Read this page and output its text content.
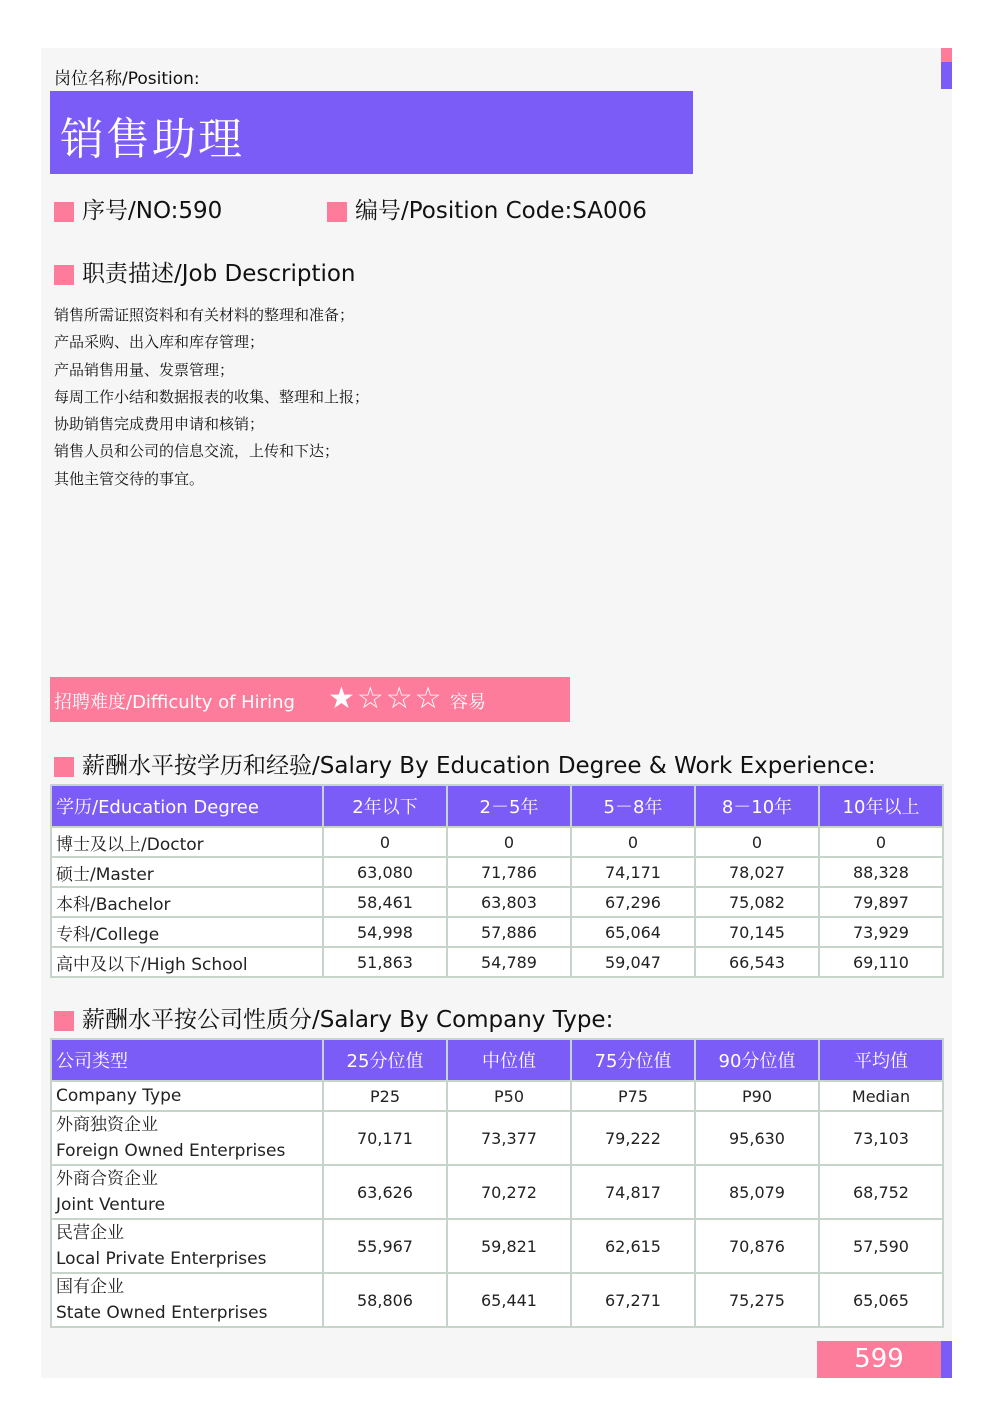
岗位名称/Position:
销售助理
序号/NO:590	编号/Position Code:SA006
职责描述/Job Description
销售所需证照资料和有关材料的整理和准备；
产品采购、出入库和库存管理；
产品销售用量、发票管理；
每周工作小结和数据报表的收集、整理和上报；
协助销售完成费用申请和核销；
销售人员和公司的信息交流，上传和下达；
其他主管交待的事宜。
招聘难度/Difficulty of Hiring ★☆☆☆ 容易
薪酬水平按学历和经验/Salary By Education Degree & Work Experience:
学历/Education Degree	2年以下	2－5年	5－8年	8－10年	10年以上
博士及以上/Doctor	0	0	0	0	0
硕士/Master	63,080	71,786	74,171	78,027	88,328
本科/Bachelor	58,461	63,803	67,296	75,082	79,897
专科/College	54,998	57,886	65,064	70,145	73,929
高中及以下/High School	51,863	54,789	59,047	66,543	69,110
薪酬水平按公司性质分/Salary By Company Type:
公司类型	25分位值	中位值	75分位值	90分位值	平均值
Company Type	P25	P50	P75	P90	Median

外商独资企业
Foreign Owned Enterprises	70,171	73,377	79,222	95,630	73,103

外商合资企业
Joint Venture	63,626	70,272	74,817	85,079	68,752

民营企业
Local Private Enterprises	55,967	59,821	62,615	70,876	57,590

国有企业
State Owned Enterprises	58,806	65,441	67,271	75,275	65,065
599
